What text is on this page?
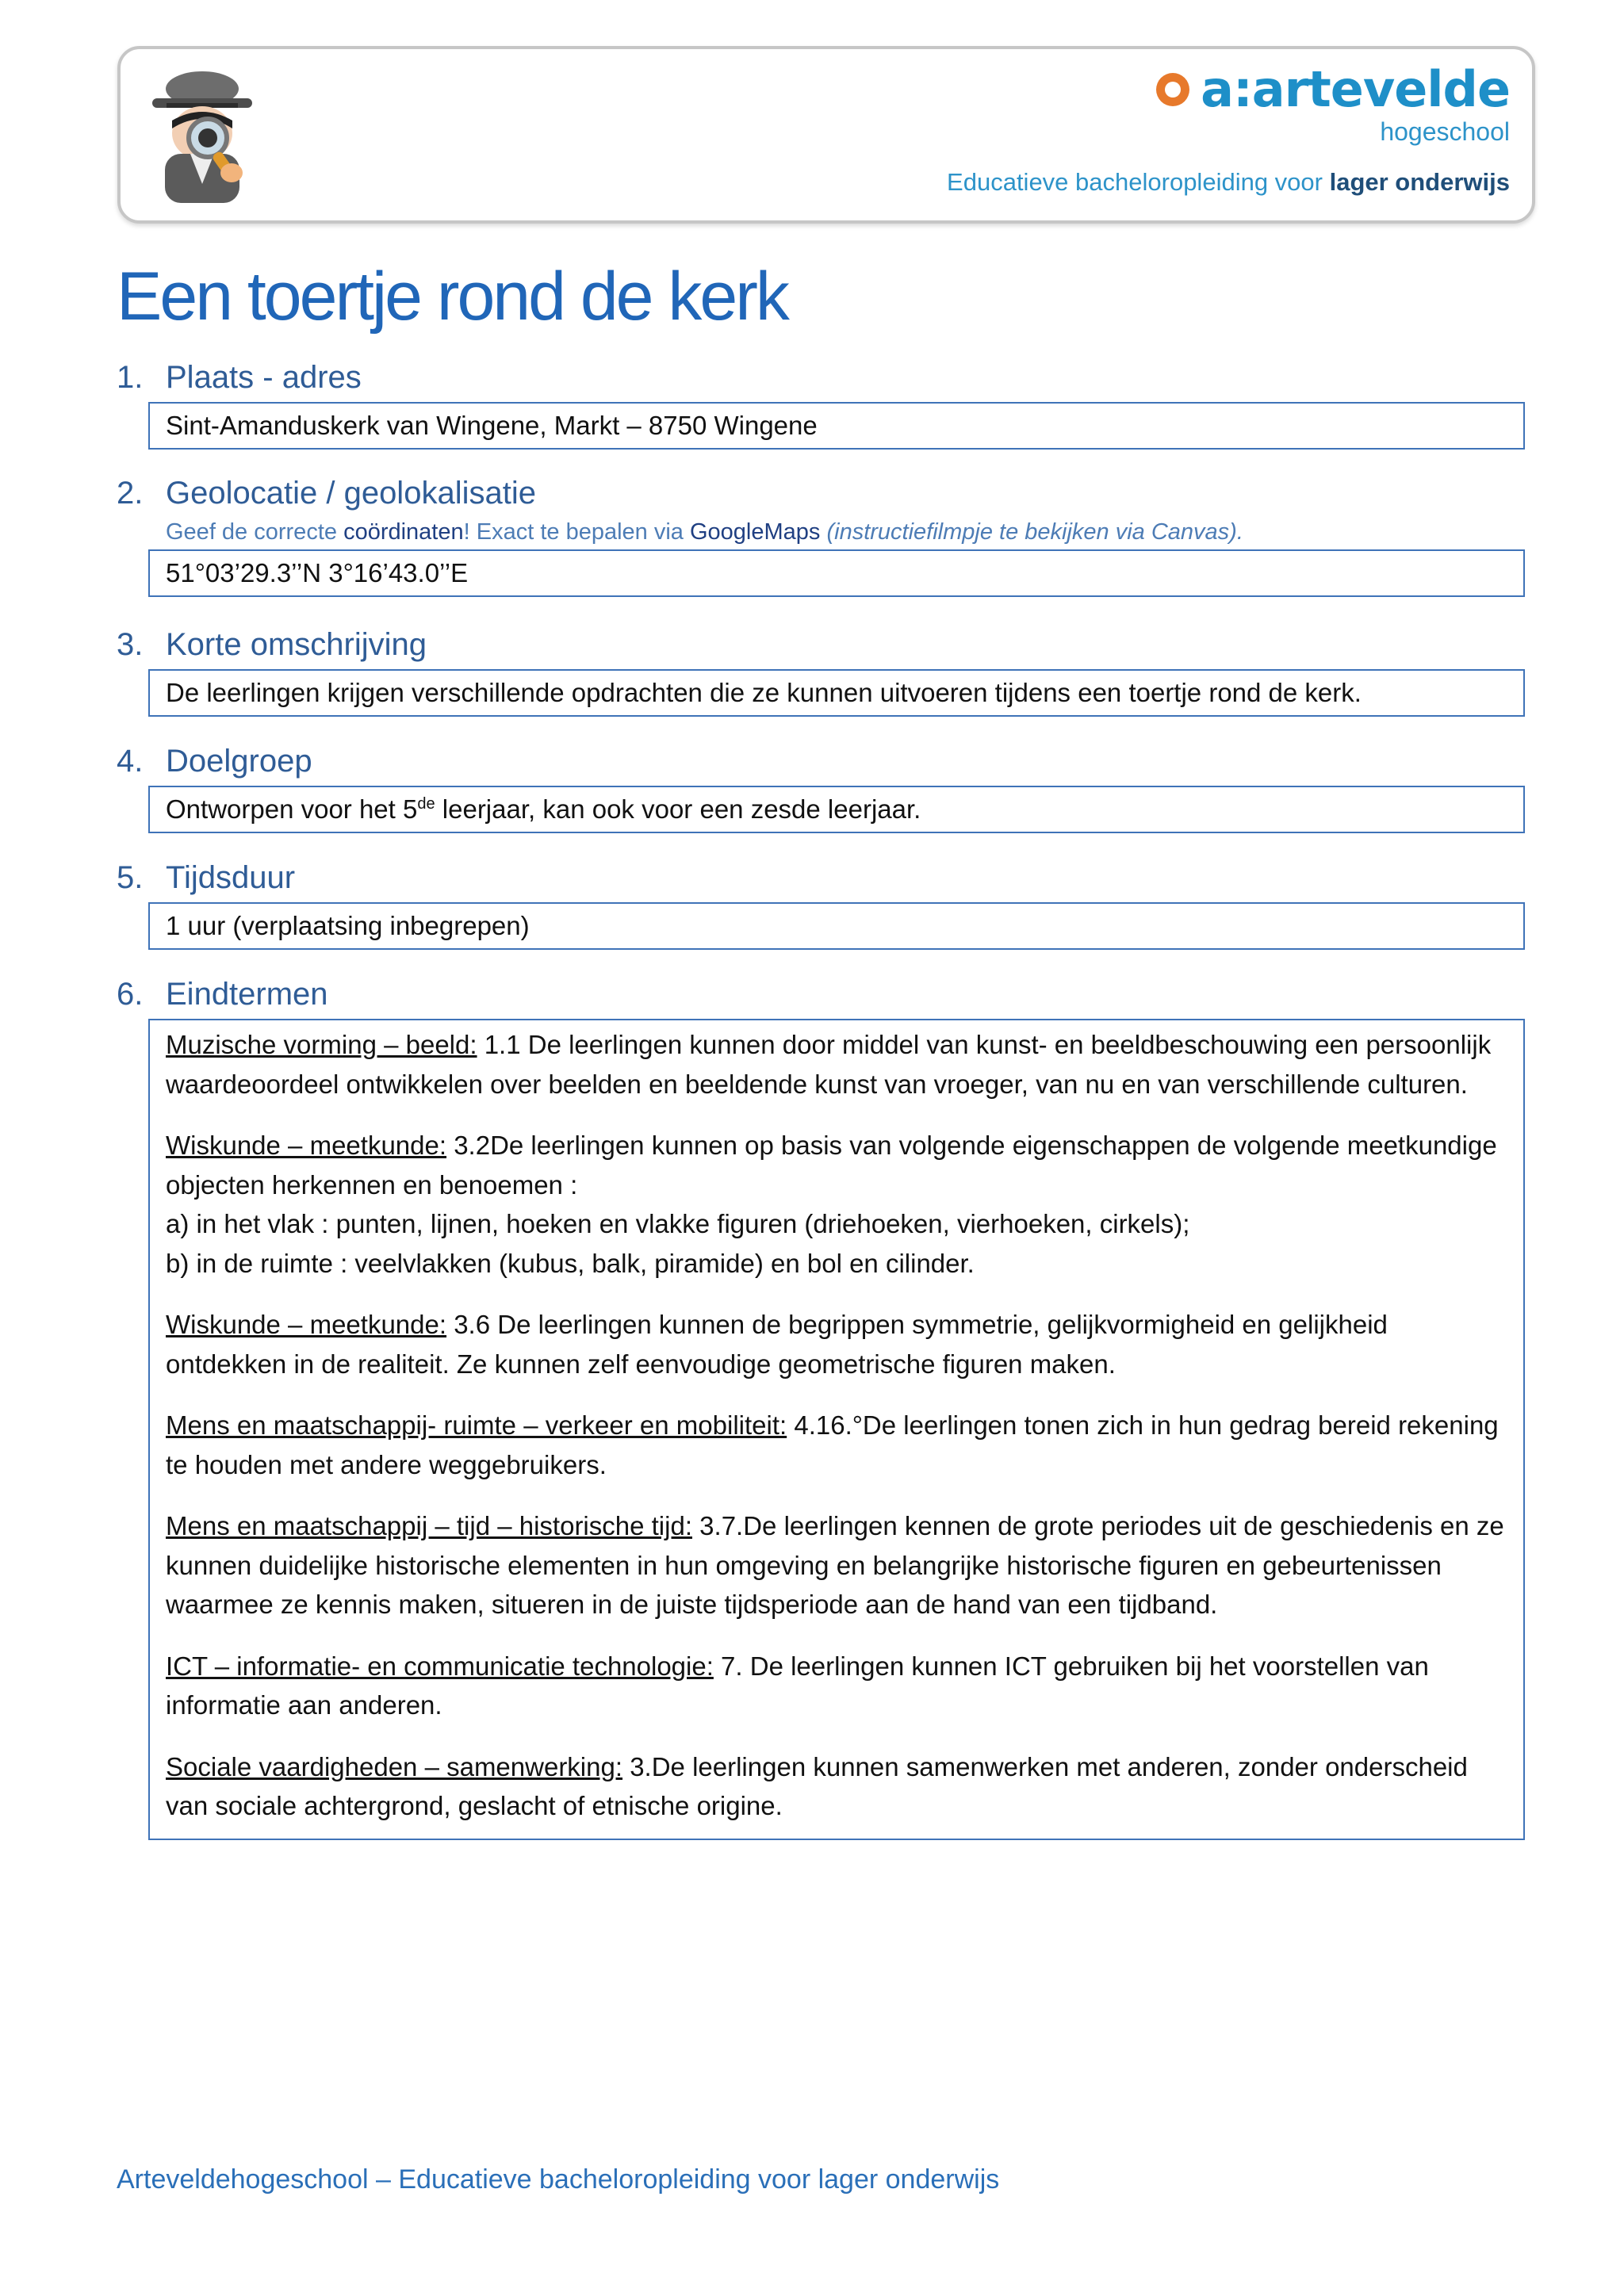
a:artevelde
hogeschool
Educatieve bacheloropleiding voor lager onderwijs
Een toertje rond de kerk
1. Plaats - adres
Sint-Amanduskerk van Wingene, Markt – 8750 Wingene
2. Geolocatie / geolokalisatie
Geef de correcte coördinaten! Exact te bepalen via GoogleMaps (instructiefilmpje te bekijken via Canvas).
51°03’29.3’’N 3°16’43.0’’E
3. Korte omschrijving
De leerlingen krijgen verschillende opdrachten die ze kunnen uitvoeren tijdens een toertje rond de kerk.
4. Doelgroep
Ontworpen voor het 5de leerjaar, kan ook voor een zesde leerjaar.
5. Tijdsduur
1 uur (verplaatsing inbegrepen)
6. Eindtermen
Muzische vorming – beeld: 1.1 De leerlingen kunnen door middel van kunst- en beeldbeschouwing een persoonlijk waardeoordeel ontwikkelen over beelden en beeldende kunst van vroeger, van nu en van verschillende culturen.
Wiskunde – meetkunde: 3.2De leerlingen kunnen op basis van volgende eigenschappen de volgende meetkundige objecten herkennen en benoemen :
a) in het vlak : punten, lijnen, hoeken en vlakke figuren (driehoeken, vierhoeken, cirkels);
b) in de ruimte : veelvlakken (kubus, balk, piramide) en bol en cilinder.
Wiskunde – meetkunde: 3.6 De leerlingen kunnen de begrippen symmetrie, gelijkvormigheid en gelijkheid ontdekken in de realiteit. Ze kunnen zelf eenvoudige geometrische figuren maken.
Mens en maatschappij- ruimte – verkeer en mobiliteit: 4.16.°De leerlingen tonen zich in hun gedrag bereid rekening te houden met andere weggebruikers.
Mens en maatschappij – tijd – historische tijd: 3.7.De leerlingen kennen de grote periodes uit de geschiedenis en ze kunnen duidelijke historische elementen in hun omgeving en belangrijke historische figuren en gebeurtenissen waarmee ze kennis maken, situeren in de juiste tijdsperiode aan de hand van een tijdband.
ICT – informatie- en communicatie technologie: 7. De leerlingen kunnen ICT gebruiken bij het voorstellen van informatie aan anderen.
Sociale vaardigheden – samenwerking: 3.De leerlingen kunnen samenwerken met anderen, zonder onderscheid van sociale achtergrond, geslacht of etnische origine.
Arteveldehogeschool – Educatieve bacheloropleiding voor lager onderwijs
